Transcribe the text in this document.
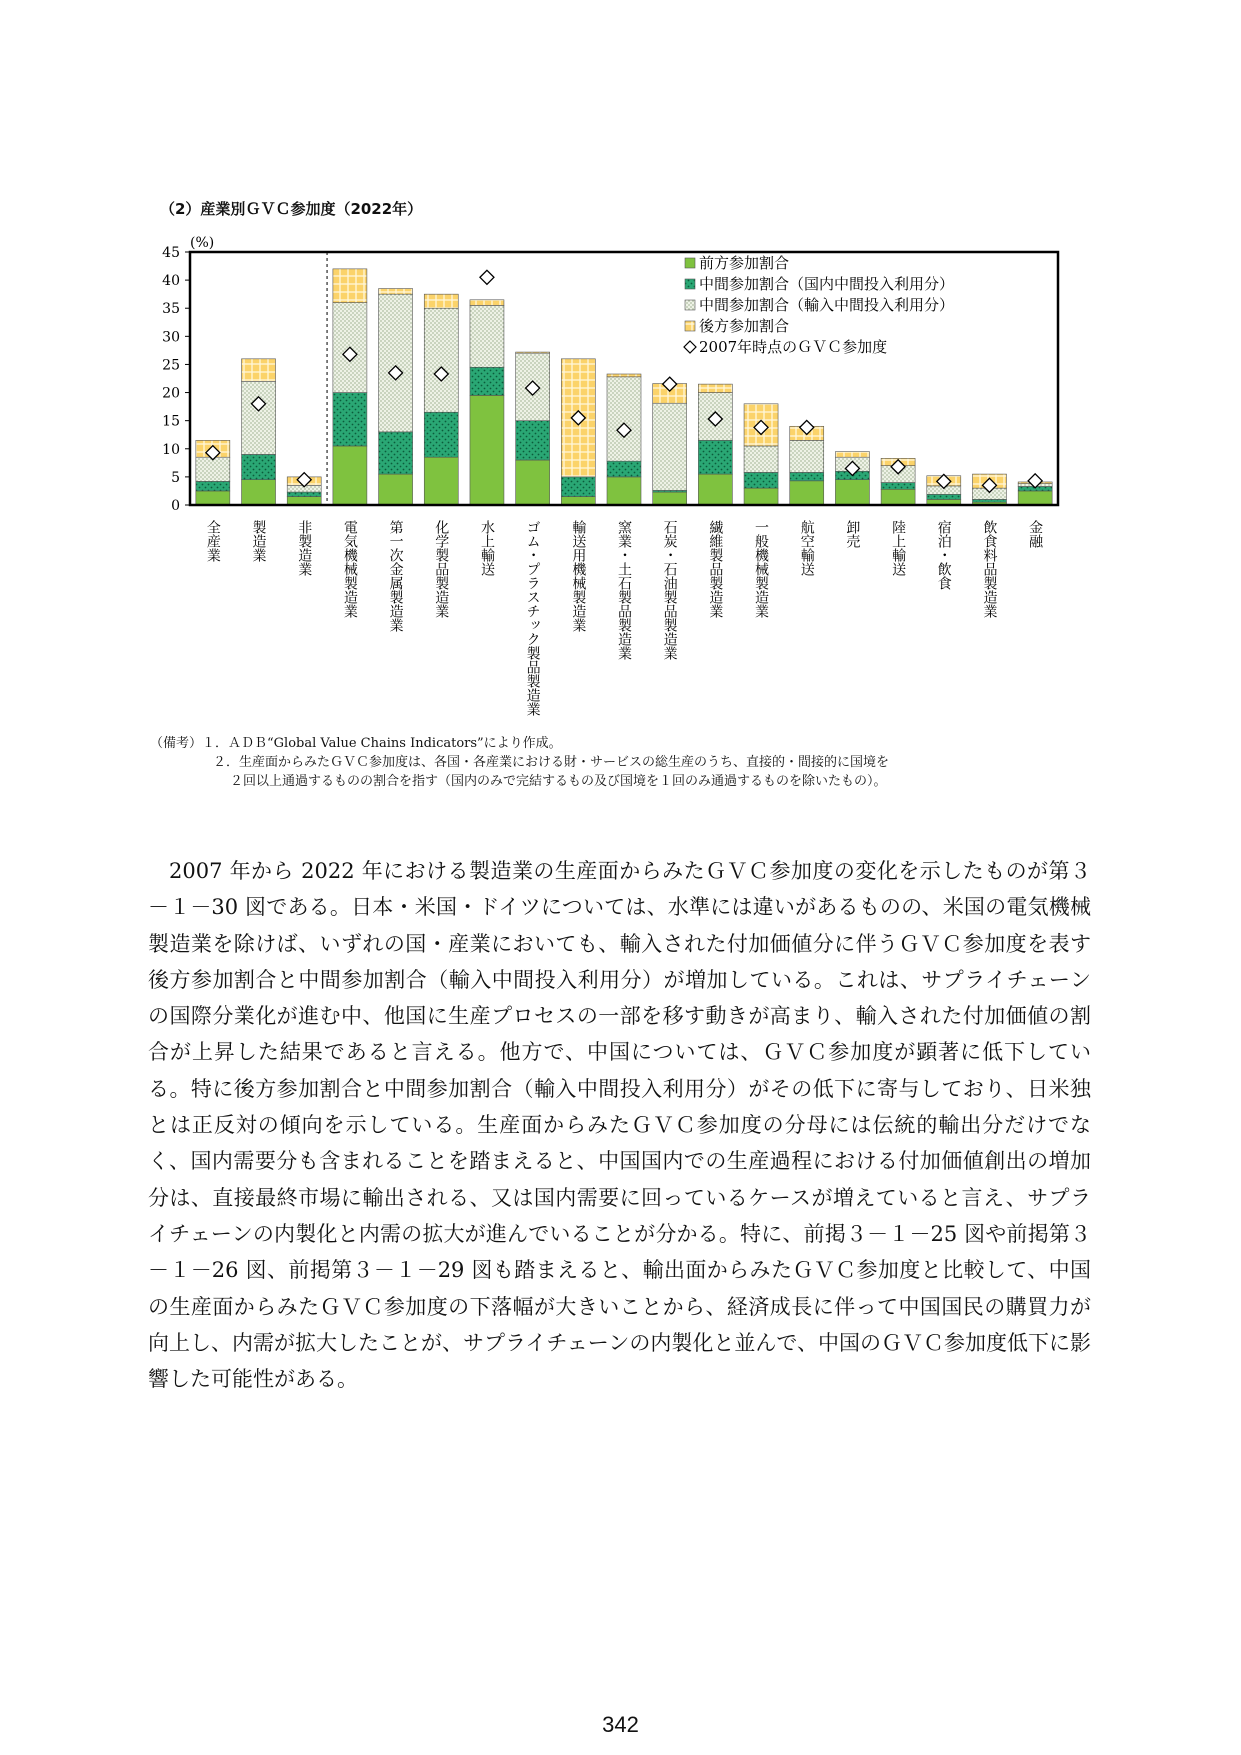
（2）産業別ＧＶＣ参加度（2022年）
0
5
10
15
20
25
30
35
40
45
(%)
全産業 製造業 非製造業 電気機械製造業 第一次金属製造業 化学製品製造業 水上輸送 ゴム・プラスチック製品製造業 輸送用機械製造業 窯業・土石製品製造業 石炭・石油製品製造業 繊維製品製造業 一般機械製造業 航空輸送 卸売 陸上輸送 宿泊・飲食 飲食料品製造業 金融
前方参加割合
中間参加割合（国内中間投入利用分）
中間参加割合（輸入中間投入利用分）
後方参加割合
2007年時点のＧＶＣ参加度
（備考）１．ＡＤＢ“Global Value Chains Indicators”により作成。
２．生産面からみたＧＶＣ参加度は、各国・各産業における財・サービスの総生産のうち、直接的・間接的に国境を
２回以上通過するものの割合を指す（国内のみで完結するもの及び国境を１回のみ通過するものを除いたもの）。
2007 年から 2022 年における製造業の生産面からみたＧＶＣ参加度の変化を示したものが第３－１－30 図である。日本・米国・ドイツについては、水準には違いがあるものの、米国の電気機械製造業を除けば、いずれの国・産業においても、輸入された付加価値分に伴うＧＶＣ参加度を表す後方参加割合と中間参加割合（輸入中間投入利用分）が増加している。これは、サプライチェーンの国際分業化が進む中、他国に生産プロセスの一部を移す動きが高まり、輸入された付加価値の割合が上昇した結果であると言える。他方で、中国については、ＧＶＣ参加度が顕著に低下している。特に後方参加割合と中間参加割合（輸入中間投入利用分）がその低下に寄与しており、日米独とは正反対の傾向を示している。生産面からみたＧＶＣ参加度の分母には伝統的輸出分だけでなく、国内需要分も含まれることを踏まえると、中国国内での生産過程における付加価値創出の増加分は、直接最終市場に輸出される、又は国内需要に回っているケースが増えていると言え、サプライチェーンの内製化と内需の拡大が進んでいることが分かる。特に、前掲３－１－25 図や前掲第３－１－26 図、前掲第３－１－29 図も踏まえると、輸出面からみたＧＶＣ参加度と比較して、中国の生産面からみたＧＶＣ参加度の下落幅が大きいことから、経済成長に伴って中国国民の購買力が向上し、内需が拡大したことが、サプライチェーンの内製化と並んで、中国のＧＶＣ参加度低下に影響した可能性がある。
342
